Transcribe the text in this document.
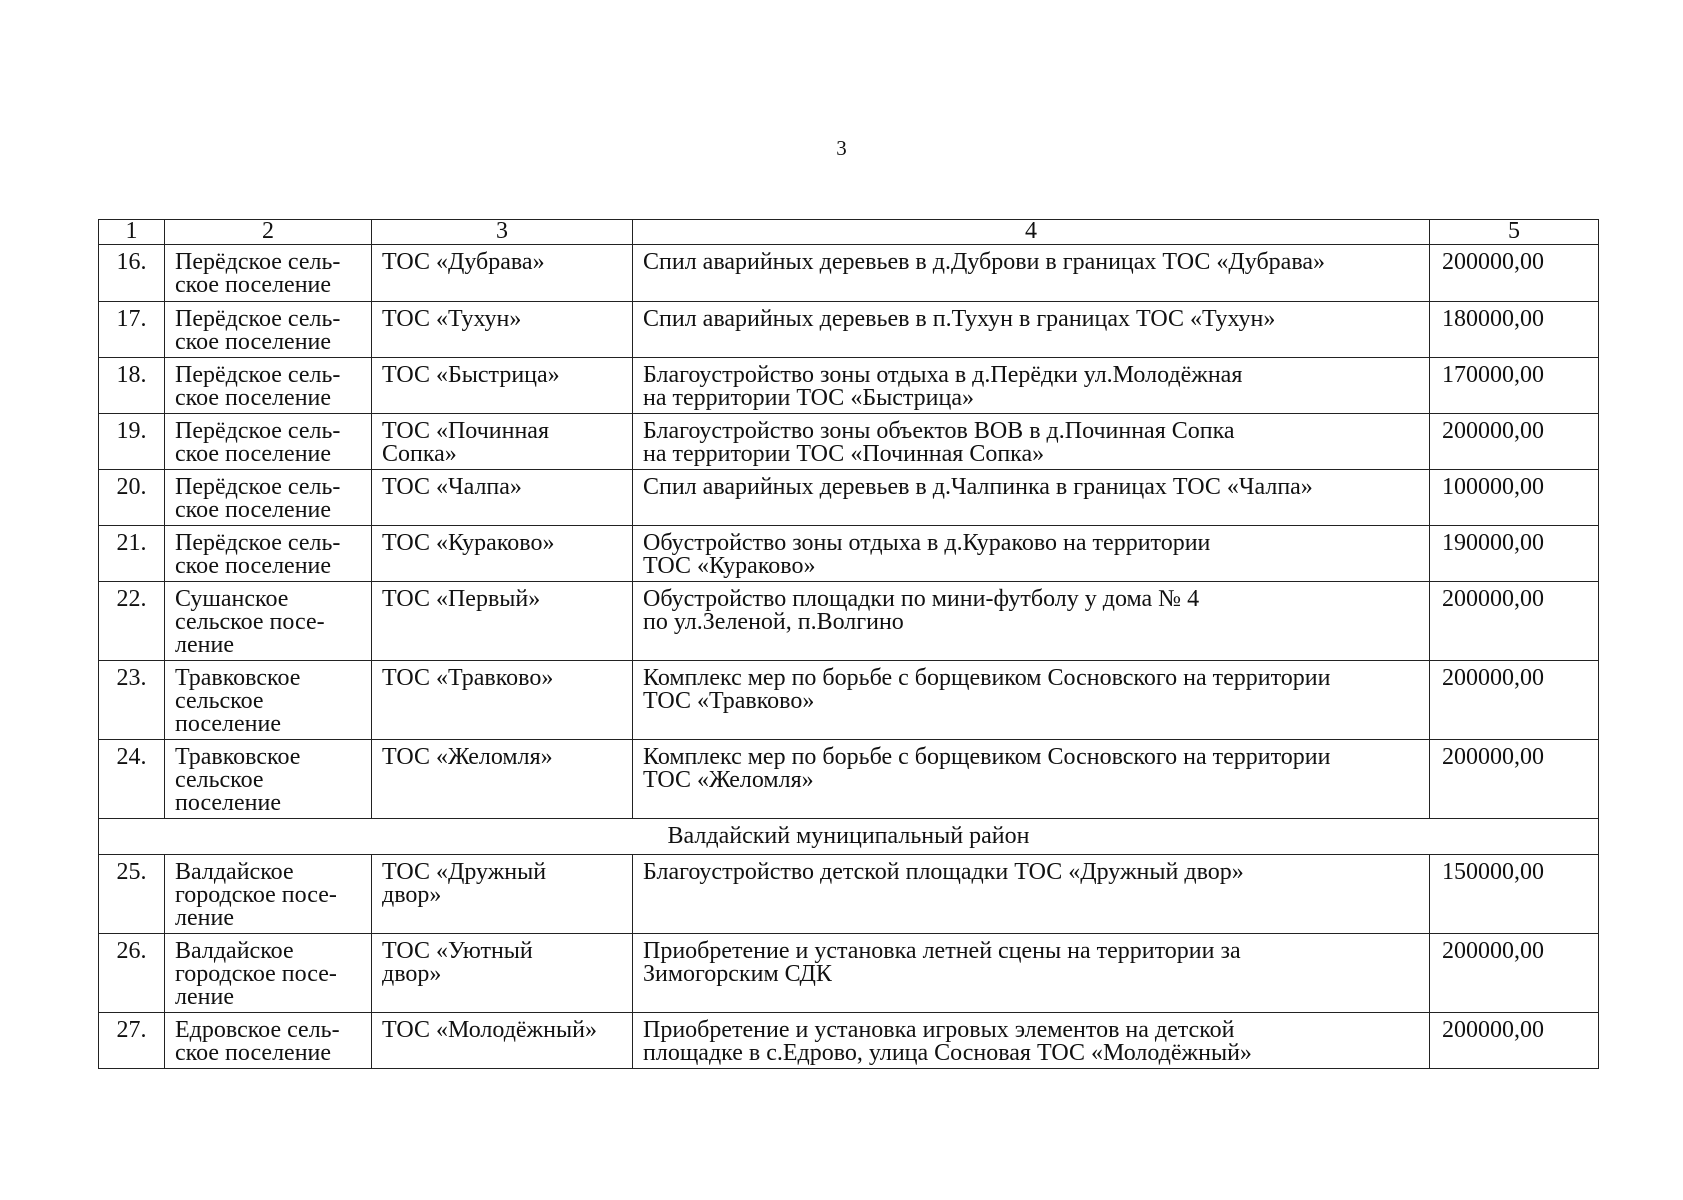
3
1	2	3	4	5

16.	Перёдское сель-
ское поселение	ТОС «Дубрава»	Спил аварийных деревьев в д.Дуброви в границах ТОС «Дубрава»	200000,00

17.	Перёдское сель-
ское поселение	ТОС «Тухун»	Спил аварийных деревьев в п.Тухун в границах ТОС «Тухун»	180000,00

18.	Перёдское сель-
ское поселение	ТОС «Быстрица»	Благоустройство зоны отдыха в д.Перёдки ул.Молодёжная
на территории ТОС «Быстрица»	170000,00

19.	Перёдское сель-
ское поселение	ТОС «Починная
Сопка»	Благоустройство зоны объектов ВОВ в д.Починная Сопка
на территории ТОС «Починная Сопка»	200000,00

20.	Перёдское сель-
ское поселение	ТОС «Чалпа»	Спил аварийных деревьев в д.Чалпинка в границах ТОС «Чалпа»	100000,00

21.	Перёдское сель-
ское поселение	ТОС «Кураково»	Обустройство зоны отдыха в д.Кураково на территории
ТОС «Кураково»	190000,00

22.	Сушанское
сельское посе-
ление	ТОС «Первый»	Обустройство площадки по мини-футболу у дома № 4
по ул.Зеленой, п.Волгино	200000,00

23.	Травковское
сельское
поселение	ТОС «Травково»	Комплекс мер по борьбе с борщевиком Сосновского на территории
ТОС «Травково»	200000,00

24.	Травковское
сельское
поселение	ТОС «Желомля»	Комплекс мер по борьбе с борщевиком Сосновского на территории
ТОС «Желомля»	200000,00

Валдайский муниципальный район				

25.	Валдайское
городское посе-
ление	ТОС «Дружный
двор»	Благоустройство детской площадки ТОС «Дружный двор»	150000,00

26.	Валдайское
городское посе-
ление	ТОС «Уютный
двор»	Приобретение и установка летней сцены на территории за
Зимогорским СДК	200000,00

27.	Едровское сель-
ское поселение	ТОС «Молодёжный»	Приобретение и установка игровых элементов на детской
площадке в с.Едрово, улица Сосновая ТОС «Молодёжный»	200000,00
